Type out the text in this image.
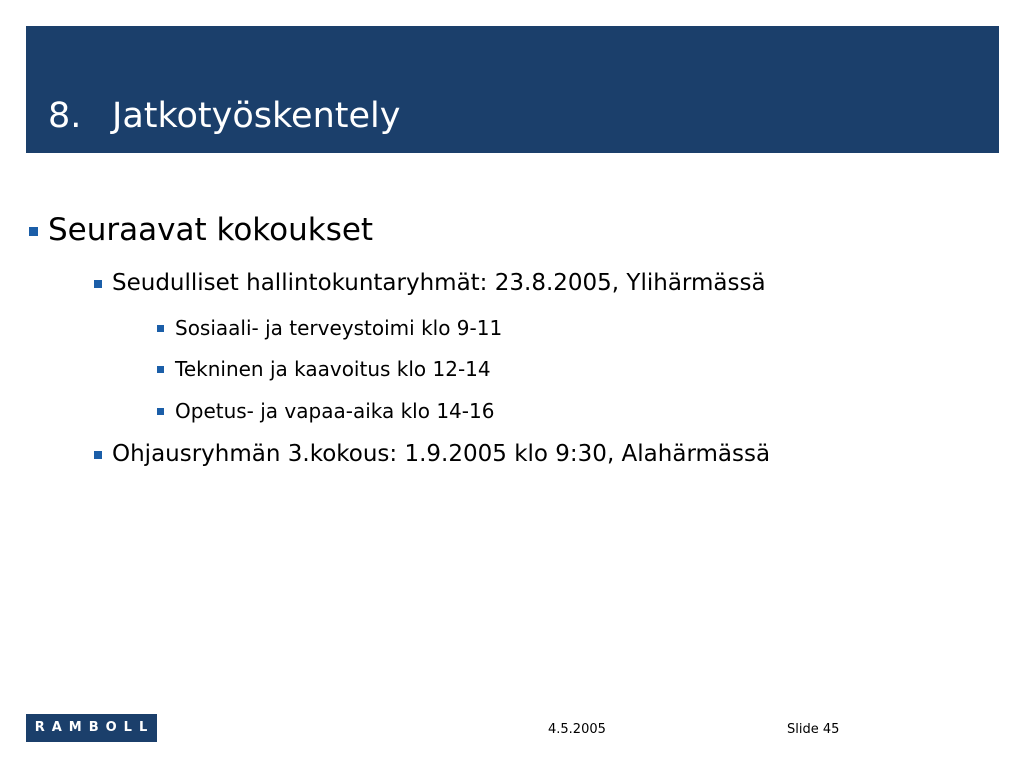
8. Jatkotyöskentely
Seuraavat kokoukset
Seudulliset hallintokuntaryhmät: 23.8.2005, Ylihärmässä
Sosiaali- ja terveystoimi klo 9-11
Tekninen ja kaavoitus klo 12-14
Opetus- ja vapaa-aika klo 14-16
Ohjausryhmän 3.kokous: 1.9.2005 klo 9:30, Alahärmässä
RAMBOLL	4.5.2005	Slide 45
